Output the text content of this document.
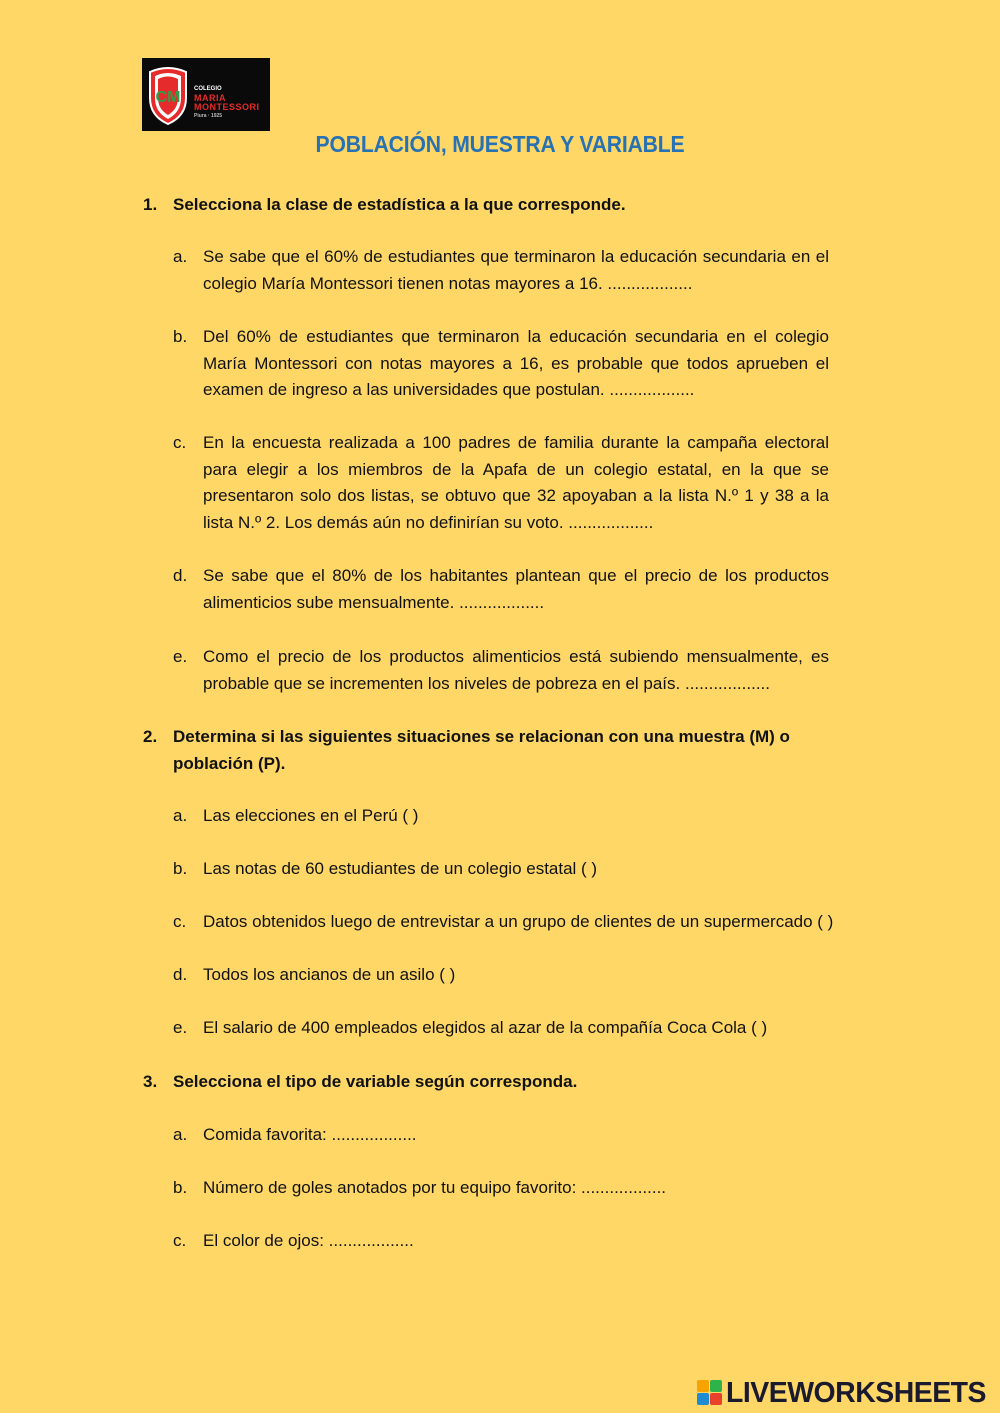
CM COLEGIO
MARIA
MONTESSORI
Piura · 1925
POBLACIÓN, MUESTRA Y VARIABLE
1. Selecciona la clase de estadística a la que corresponde.
a. Se sabe que el 60% de estudiantes que terminaron la educación secundaria en el colegio María Montessori tienen notas mayores a 16. ..................
b. Del 60% de estudiantes que terminaron la educación secundaria en el colegio María Montessori con notas mayores a 16, es probable que todos aprueben el examen de ingreso a las universidades que postulan. ..................
c. En la encuesta realizada a 100 padres de familia durante la campaña electoral para elegir a los miembros de la Apafa de un colegio estatal, en la que se presentaron solo dos listas, se obtuvo que 32 apoyaban a la lista N.º 1 y 38 a la lista N.º 2. Los demás aún no definirían su voto. ..................
d. Se sabe que el 80% de los habitantes plantean que el precio de los productos alimenticios sube mensualmente. ..................
e. Como el precio de los productos alimenticios está subiendo mensualmente, es probable que se incrementen los niveles de pobreza en el país. ..................
2. Determina si las siguientes situaciones se relacionan con una muestra (M) o población (P).
a. Las elecciones en el Perú ( )
b. Las notas de 60 estudiantes de un colegio estatal ( )
c. Datos obtenidos luego de entrevistar a un grupo de clientes de un supermercado ( )
d. Todos los ancianos de un asilo ( )
e. El salario de 400 empleados elegidos al azar de la compañía Coca Cola ( )
3. Selecciona el tipo de variable según corresponda.
a. Comida favorita: ..................
b. Número de goles anotados por tu equipo favorito: ..................
c. El color de ojos: ..................
LIVEWORKSHEETS
